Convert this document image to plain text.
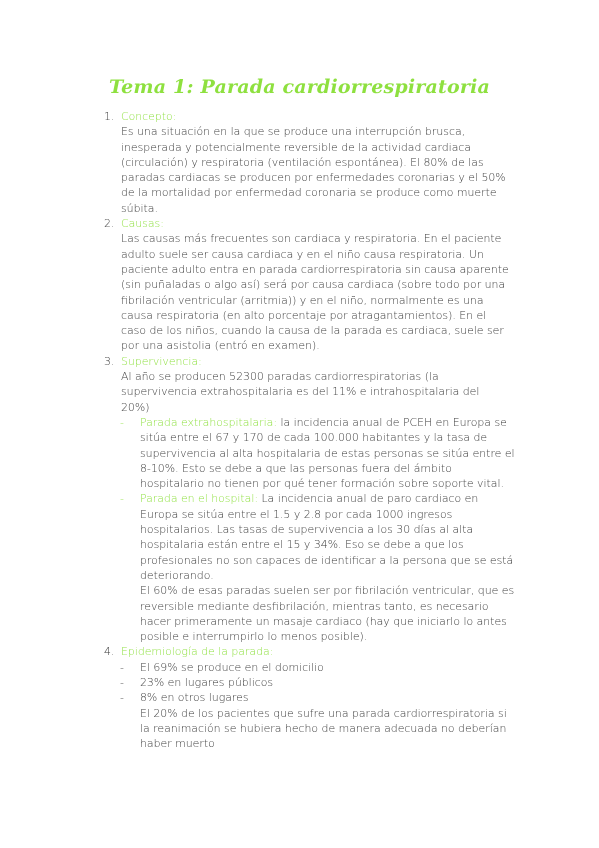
Tema 1: Parada cardiorrespiratoria
1. Concepto:
Es una situación en la que se produce una interrupción brusca, inesperada y potencialmente reversible de la actividad cardiaca (circulación) y respiratoria (ventilación espontánea). El 80% de las paradas cardiacas se producen por enfermedades coronarias y el 50% de la mortalidad por enfermedad coronaria se produce como muerte súbita.
2. Causas:
Las causas más frecuentes son cardiaca y respiratoria. En el paciente adulto suele ser causa cardiaca y en el niño causa respiratoria. Un paciente adulto entra en parada cardiorrespiratoria sin causa aparente (sin puñaladas o algo así) será por causa cardiaca (sobre todo por una fibrilación ventricular (arritmia)) y en el niño, normalmente es una causa respiratoria (en alto porcentaje por atragantamientos). En el caso de los niños, cuando la causa de la parada es cardiaca, suele ser por una asistolia (entró en examen).
3. Supervivencia:
Al año se producen 52300 paradas cardiorrespiratorias (la supervivencia extrahospitalaria es del 11% e intrahospitalaria del 20%)
- Parada extrahospitalaria: la incidencia anual de PCEH en Europa se sitúa entre el 67 y 170 de cada 100.000 habitantes y la tasa de supervivencia al alta hospitalaria de estas personas se sitúa entre el 8-10%. Esto se debe a que las personas fuera del ámbito hospitalario no tienen por qué tener formación sobre soporte vital.
- Parada en el hospital: La incidencia anual de paro cardiaco en Europa se sitúa entre el 1.5 y 2.8 por cada 1000 ingresos hospitalarios. Las tasas de supervivencia a los 30 días al alta hospitalaria están entre el 15 y 34%. Eso se debe a que los profesionales no son capaces de identificar a la persona que se está deteriorando.
El 60% de esas paradas suelen ser por fibrilación ventricular, que es reversible mediante desfibrilación, mientras tanto, es necesario hacer primeramente un masaje cardiaco (hay que iniciarlo lo antes posible e interrumpirlo lo menos posible).
4. Epidemiología de la parada:
- El 69% se produce en el domicilio
- 23% en lugares públicos
- 8% en otros lugares
El 20% de los pacientes que sufre una parada cardiorrespiratoria si la reanimación se hubiera hecho de manera adecuada no deberían haber muerto
